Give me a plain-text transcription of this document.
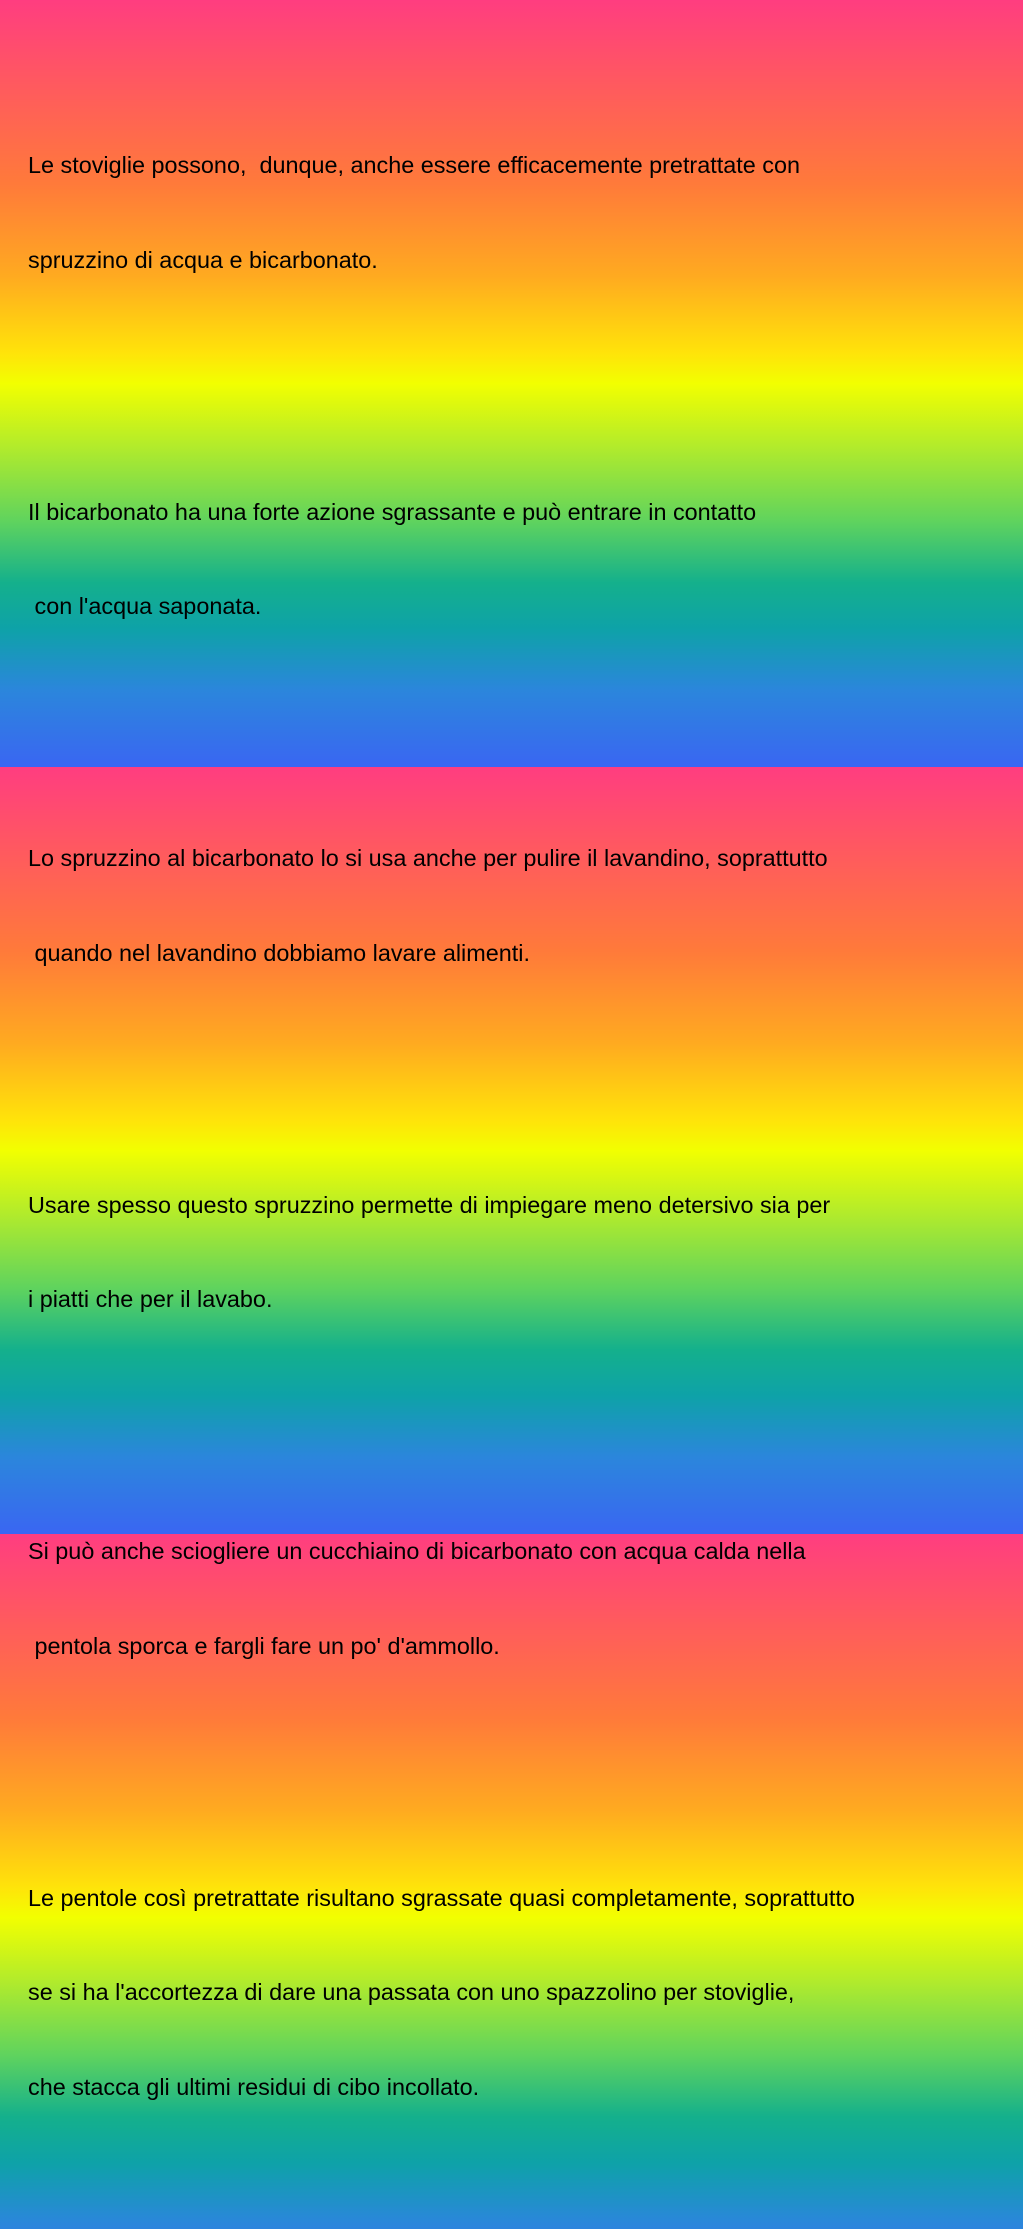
Le stoviglie possono,  dunque, anche essere efficacemente pretrattate con

spruzzino di acqua e bicarbonato.

Il bicarbonato ha una forte azione sgrassante e può entrare in contatto

con l'acqua saponata.

Lo spruzzino al bicarbonato lo si usa anche per pulire il lavandino, soprattutto

quando nel lavandino dobbiamo lavare alimenti.

Usare spesso questo spruzzino permette di impiegare meno detersivo sia per

i piatti che per il lavabo.

Si può anche sciogliere un cucchiaino di bicarbonato con acqua calda nella

pentola sporca e fargli fare un po' d'ammollo.

Le pentole così pretrattate risultano sgrassate quasi completamente, soprattutto

se si ha l'accortezza di dare una passata con uno spazzolino per stoviglie,

che stacca gli ultimi residui di cibo incollato.
